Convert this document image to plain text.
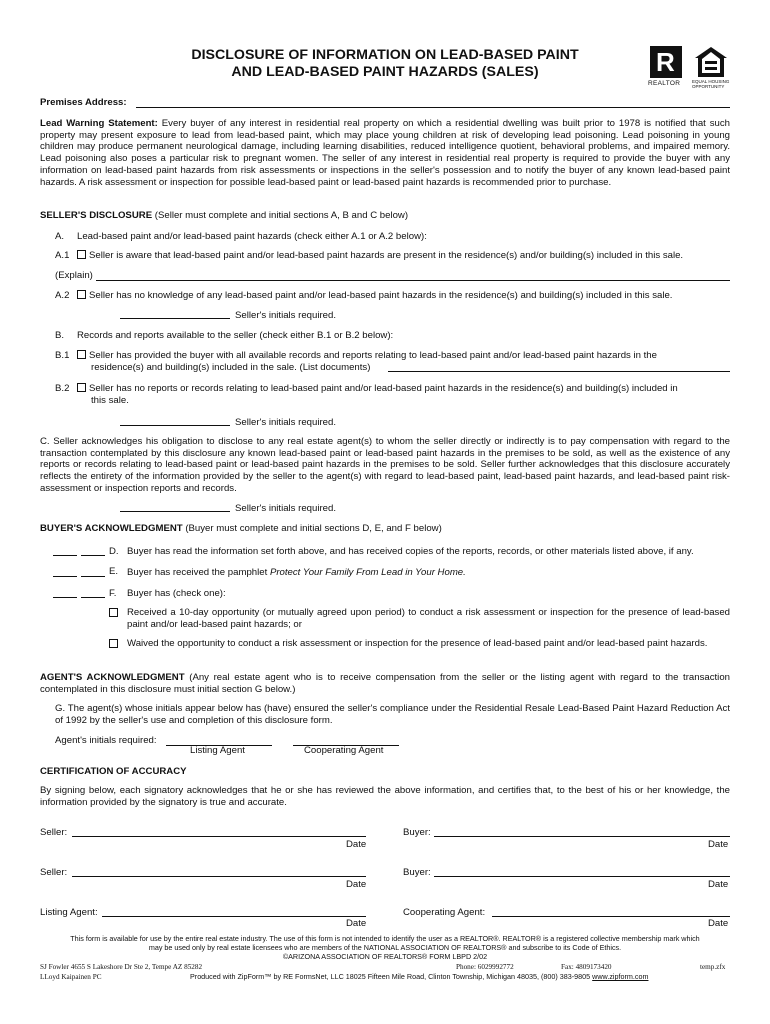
DISCLOSURE OF INFORMATION ON LEAD-BASED PAINT
AND LEAD-BASED PAINT HAZARDS (SALES)
R
REALTOR	EQUAL HOUSING OPPORTUNITY
Premises Address:
Lead Warning Statement: Every buyer of any interest in residential real property on which a residential dwelling was built prior to 1978 is notified that such property may present exposure to lead from lead-based paint, which may place young children at risk of developing lead poisoning. Lead poisoning in young children may produce permanent neurological damage, including learning disabilities, reduced intelligence quotient, behavioral problems, and impaired memory. Lead poisoning also poses a particular risk to pregnant women. The seller of any interest in residential real property is required to provide the buyer with any information on lead-based paint hazards from risk assessments or inspections in the seller's possession and to notify the buyer of any known lead-based paint hazards. A risk assessment or inspection for possible lead-based paint or lead-based paint hazards is recommended prior to purchase.
SELLER'S DISCLOSURE (Seller must complete and initial sections A, B and C below)
A. Lead-based paint and/or lead-based paint hazards (check either A.1 or A.2 below):
A.1	Seller is aware that lead-based paint and/or lead-based paint hazards are present in the residence(s) and/or building(s) included in this sale.
(Explain)
A.2	Seller has no knowledge of any lead-based paint and/or lead-based paint hazards in the residence(s) and building(s) included in this sale.
Seller's initials required.
B. Records and reports available to the seller (check either B.1 or B.2 below):
B.1	Seller has provided the buyer with all available records and reports relating to lead-based paint and/or lead-based paint hazards in the
residence(s) and building(s) included in the sale. (List documents)
B.2	Seller has no reports or records relating to lead-based paint and/or lead-based paint hazards in the residence(s) and building(s) included in
this sale.
Seller's initials required.
C. Seller acknowledges his obligation to disclose to any real estate agent(s) to whom the seller directly or indirectly is to pay compensation with regard to the transaction contemplated by this disclosure any known lead-based paint or lead-based paint hazards in the premises to be sold, as well as the existence of any reports or records relating to lead-based paint or lead-based paint hazards in the premises to be sold. Seller further acknowledges that this disclosure accurately reflects the entirety of the information provided by the seller to the agent(s) with regard to lead-based paint, lead-based paint hazards, and lead-based paint risk-assessment or inspection reports and records.
Seller's initials required.
BUYER'S ACKNOWLEDGMENT (Buyer must complete and initial sections D, E, and F below)
D. Buyer has read the information set forth above, and has received copies of the reports, records, or other materials listed above, if any.
E. Buyer has received the pamphlet Protect Your Family From Lead in Your Home.
F. Buyer has (check one):
Received a 10-day opportunity (or mutually agreed upon period) to conduct a risk assessment or inspection for the presence of lead-based paint and/or lead-based paint hazards; or
Waived the opportunity to conduct a risk assessment or inspection for the presence of lead-based paint and/or lead-based paint hazards.
AGENT'S ACKNOWLEDGMENT (Any real estate agent who is to receive compensation from the seller or the listing agent with regard to the transaction contemplated in this disclosure must initial section G below.)
G. The agent(s) whose initials appear below has (have) ensured the seller's compliance under the Residential Resale Lead-Based Paint Hazard Reduction Act of 1992 by the seller's use and completion of this disclosure form.
Agent's initials required:
Listing Agent	Cooperating Agent
CERTIFICATION OF ACCURACY
By signing below, each signatory acknowledges that he or she has reviewed the above information, and certifies that, to the best of his or her knowledge, the information provided by the signatory is true and accurate.
Seller:
Date
Buyer:
Date
Seller:
Date
Buyer:
Date
Listing Agent:
Date
Cooperating Agent:
Date
This form is available for use by the entire real estate industry. The use of this form is not intended to identify the user as a REALTOR®. REALTOR® is a registered collective membership mark which
may be used only by real estate licensees who are members of the NATIONAL ASSOCIATION OF REALTORS® and subscribe to its Code of Ethics.
©ARIZONA ASSOCIATION OF REALTORS® FORM LBPD 2/02
SJ Fowler 4655 S Lakeshore Dr Ste 2, Tempe AZ 85282
LLoyd Kaipainen PC
Phone: 6029992772	Fax: 4809173420	temp.zfx
Produced with ZipForm™ by RE FormsNet, LLC 18025 Fifteen Mile Road, Clinton Township, Michigan 48035, (800) 383-9805 www.zipform.com
